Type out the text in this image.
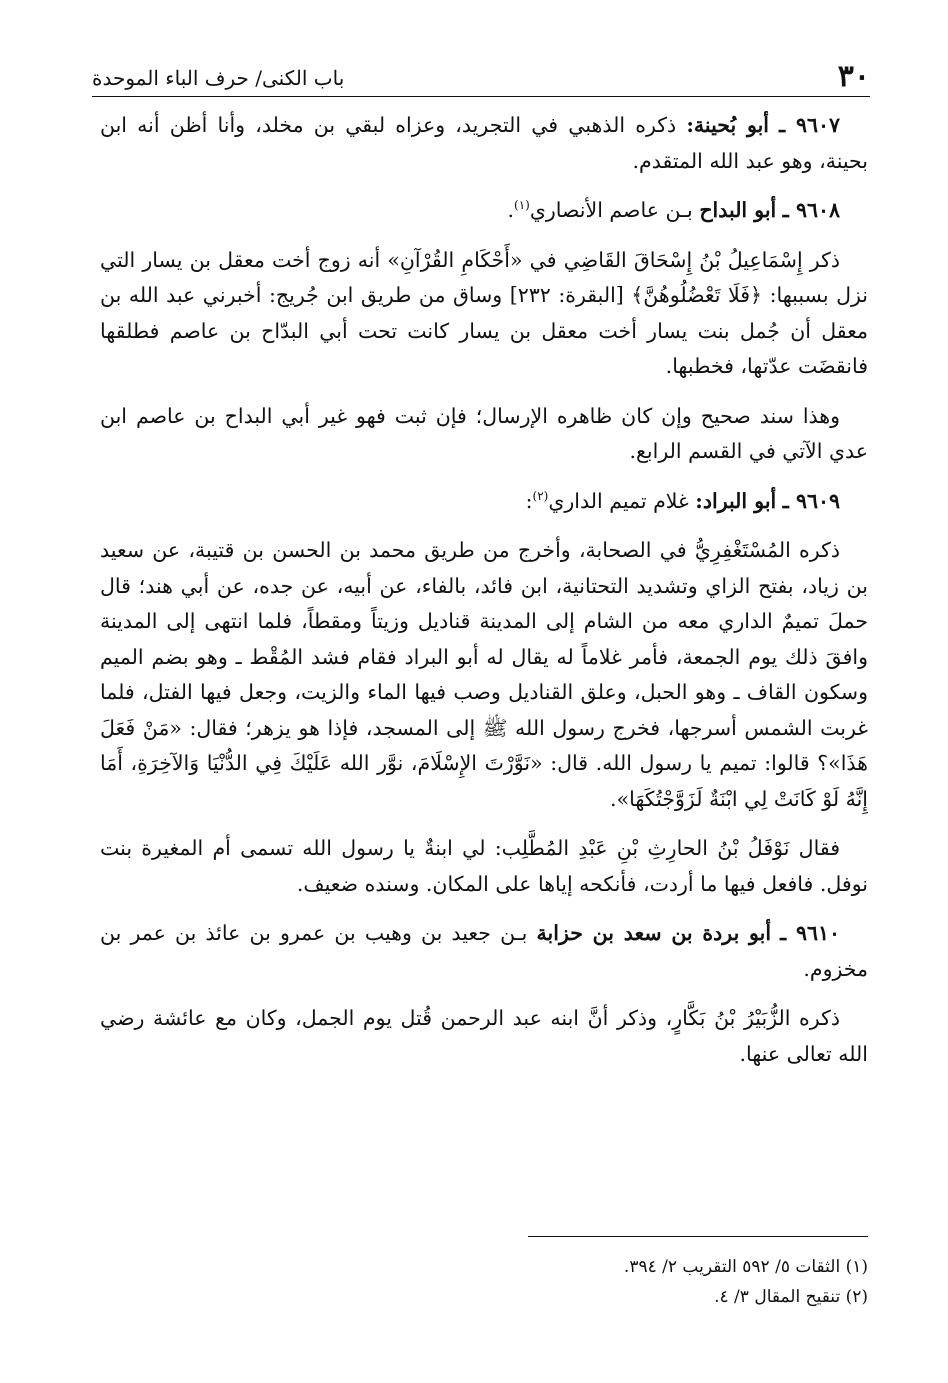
٣٠
باب الكنى/ حرف الباء الموحدة

٩٦٠٧ ـ أبو بُحينة: ذكره الذهبي في التجريد، وعزاه لبقي بن مخلد، وأنا أظن أنه ابن بحينة، وهو عبد الله المتقدم.

٩٦٠٨ ـ أبو البداح بـن عاصم الأنصاري$^{(١)}$.

ذكر إِسْمَاعِيلُ بْنُ إِسْحَاقَ القَاضِي في «أَحْكَامِ القُرْآنِ» أنه زوج أخت معقل بن يسار التي نزل بسببها: ﴿فَلَا تَعْضُلُوهُنَّ﴾ [البقرة: ٢٣٢] وساق من طريق ابن جُريج: أخبرني عبد الله بن معقل أن جُمل بنت يسار أخت معقل بن يسار كانت تحت أبي البدّاح بن عاصم فطلقها فانقضَت عدّتها، فخطبها.

وهذا سند صحيح وإن كان ظاهره الإرسال؛ فإن ثبت فهو غير أبي البداح بن عاصم ابن عدي الآتي في القسم الرابع.

٩٦٠٩ ـ أبو البراد: غلام تميم الداري$^{(٢)}$:

ذكره المُسْتَغْفِرِيُّ في الصحابة، وأخرج من طريق محمد بن الحسن بن قتيبة، عن سعيد بن زياد، بفتح الزاي وتشديد التحتانية، ابن فائد، بالفاء، عن أبيه، عن جده، عن أبي هند؛ قال حملَ تميمٌ الداري معه من الشام إلى المدينة قناديل وزيتاً ومقطاً، فلما انتهى إلى المدينة وافقَ ذلك يوم الجمعة، فأمر غلاماً له يقال له أبو البراد فقام فشد المُقْط ـ وهو بضم الميم وسكون القاف ـ وهو الحبل، وعلق القناديل وصب فيها الماء والزيت، وجعل فيها الفتل، فلما غربت الشمس أسرجها، فخرج رسول الله ﷺ إلى المسجد، فإذا هو يزهر؛ فقال: «مَنْ فَعَلَ هَذَا»؟ قالوا: تميم يا رسول الله. قال: «نَوَّرْتَ الإِسْلَامَ، نوَّر الله عَلَيْكَ فِي الدُّنْيَا وَالآخِرَةِ، أَمَا إِنَّهُ لَوْ كَانَتْ لِي ابْنَةٌ لَزَوَّجْتُكَهَا».

فقال نَوْفَلُ بْنُ الحارِثِ بْنِ عَبْدِ المُطَّلِب: لي ابنةٌ يا رسول الله تسمى أم المغيرة بنت نوفل. فافعل فيها ما أردت، فأنكحه إياها على المكان. وسنده ضعيف.

٩٦١٠ ـ أبو بردة بن سعد بن حزابة بـن جعيد بن وهيب بن عمرو بن عائذ بن عمر بن مخزوم.

ذكره الزُّبَيْرُ بْنُ بَكَّارٍ، وذكر أنَّ ابنه عبد الرحمن قُتل يوم الجمل، وكان مع عائشة رضي الله تعالى عنها.

(١) الثقات ٥/ ٥٩٢ التقريب ٢/ ٣٩٤.
(٢) تنقيح المقال ٣/ ٤.
